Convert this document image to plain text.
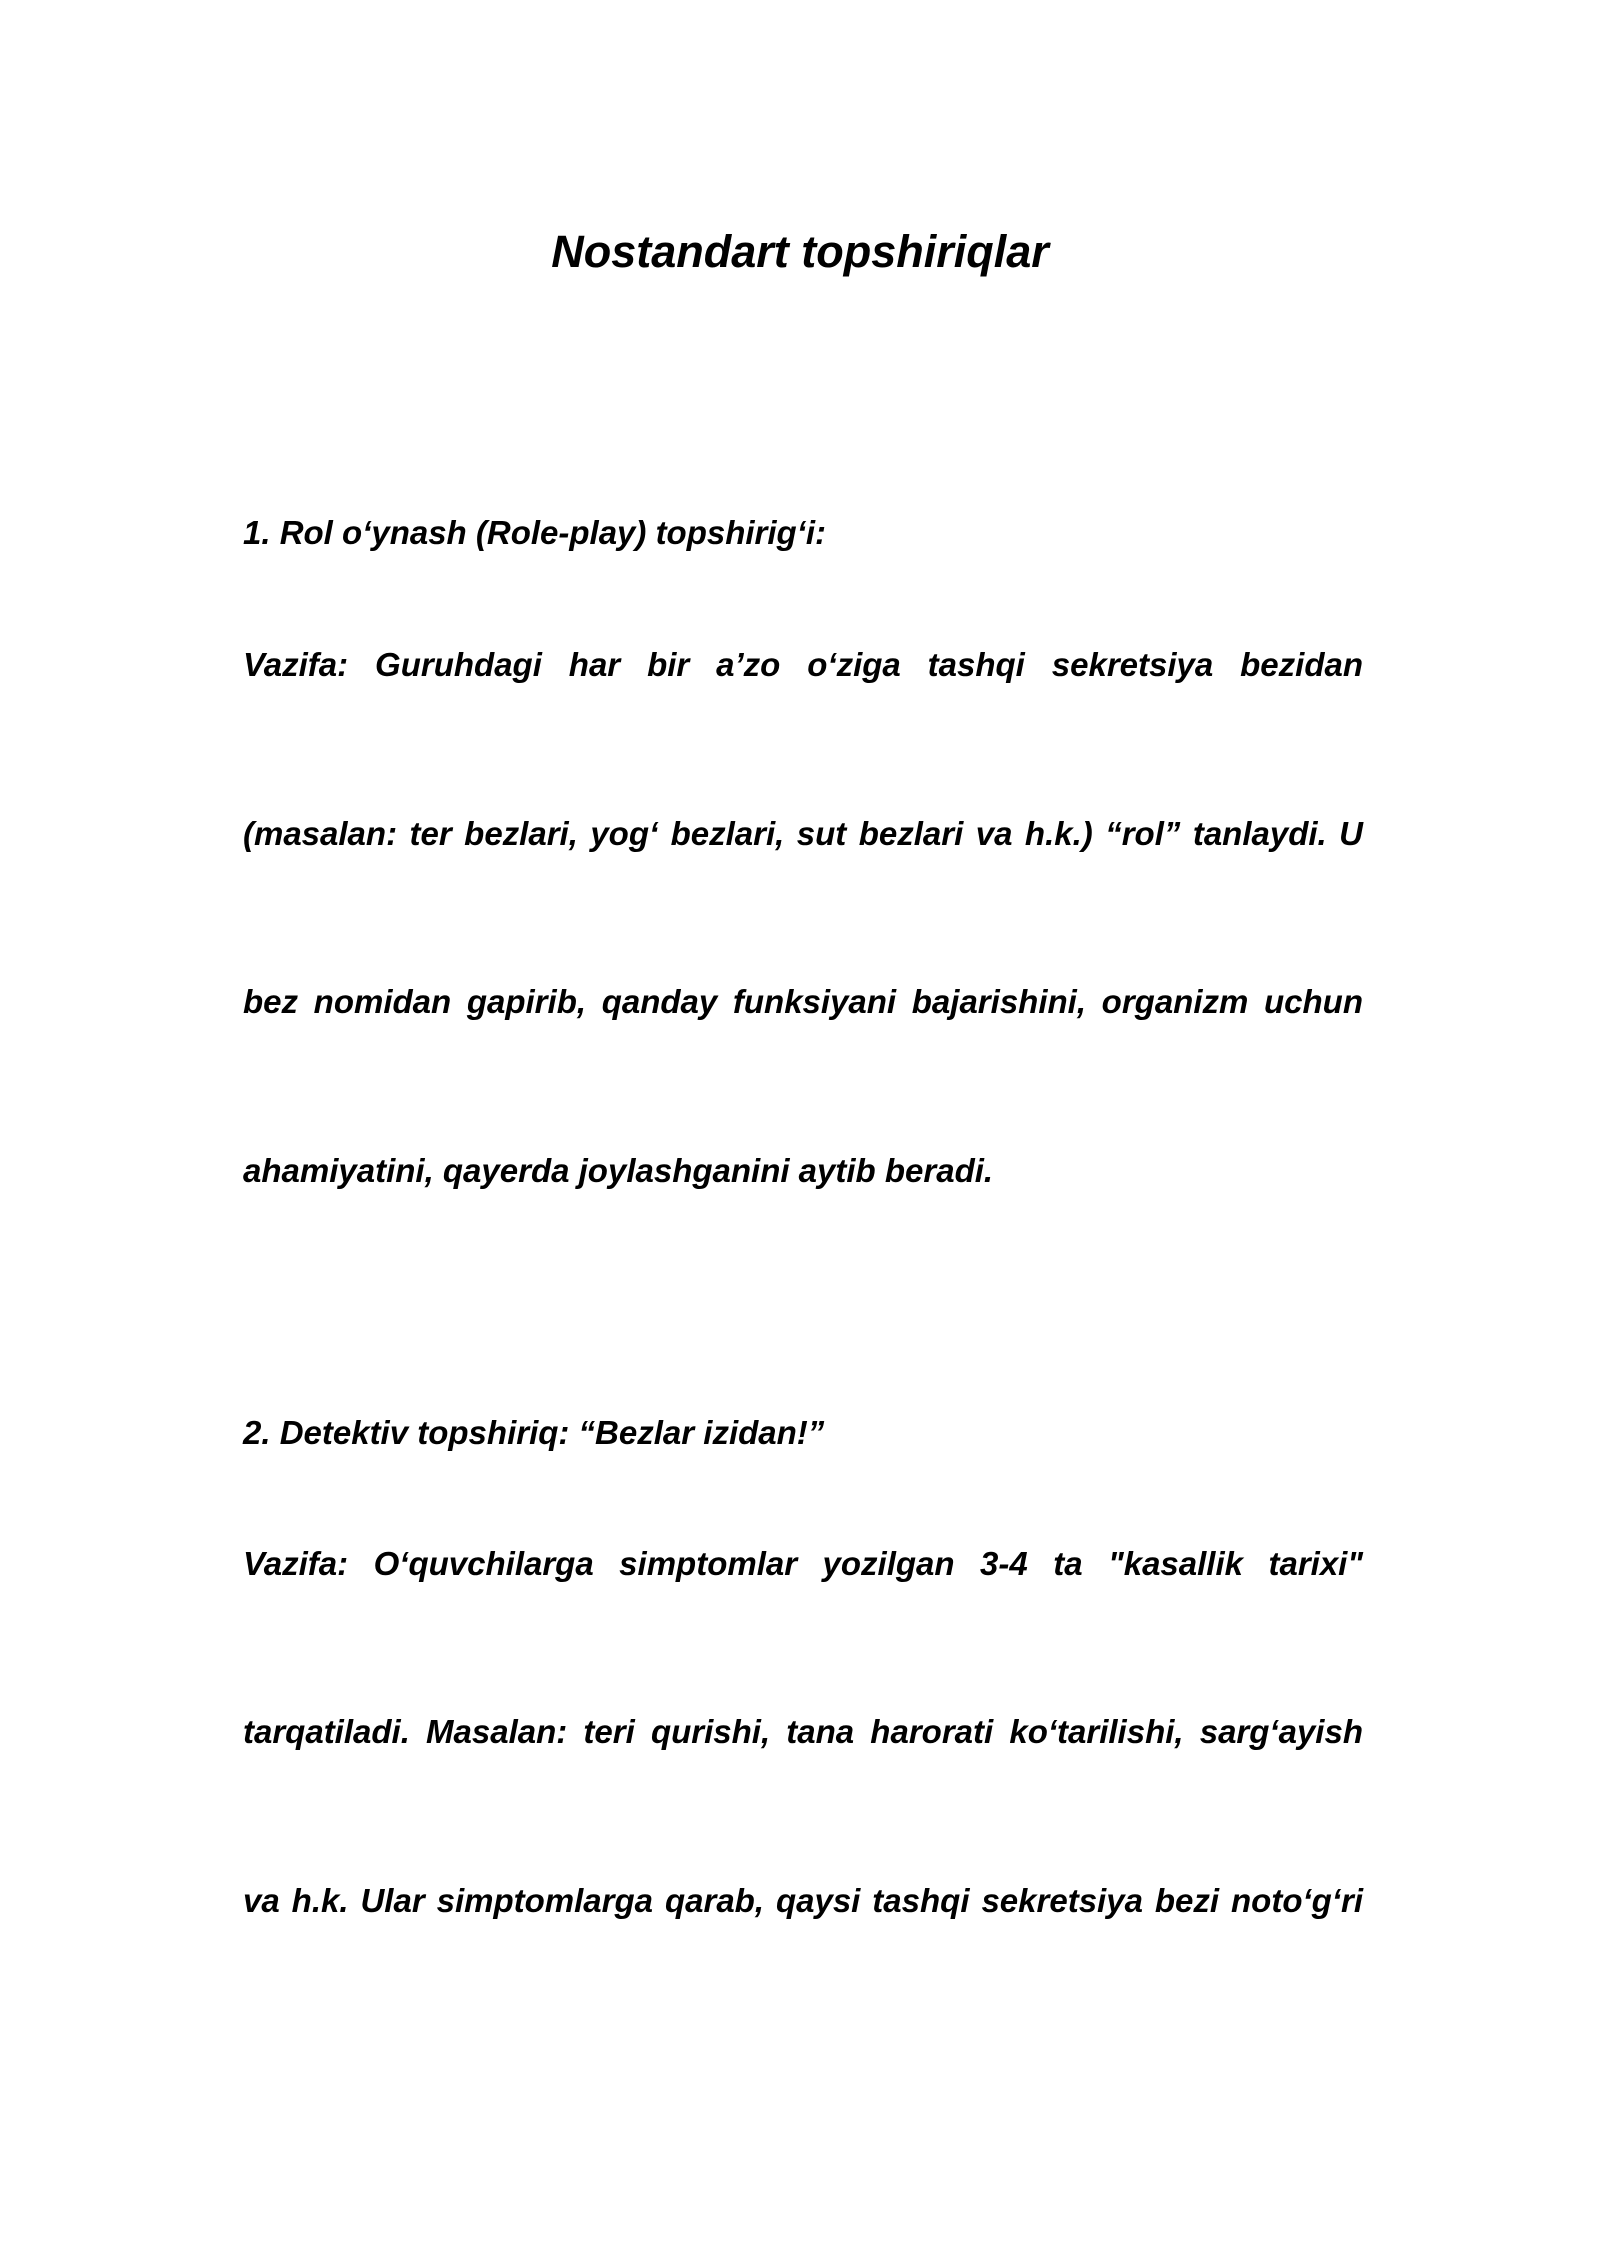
Nostandart topshiriqlar

1. Rol o‘ynash (Role-play) topshirig‘i:

Vazifa: Guruhdagi har bir a’zo o‘ziga tashqi sekretsiya bezidan

(masalan: ter bezlari, yog‘ bezlari, sut bezlari va h.k.) “rol” tanlaydi. U

bez nomidan gapirib, qanday funksiyani bajarishini, organizm uchun

ahamiyatini, qayerda joylashganini aytib beradi.

2. Detektiv topshiriq: “Bezlar izidan!”

Vazifa: O‘quvchilarga simptomlar yozilgan 3-4 ta "kasallik tarixi"

tarqatiladi. Masalan: teri qurishi, tana harorati ko‘tarilishi, sarg‘ayish

va h.k. Ular simptomlarga qarab, qaysi tashqi sekretsiya bezi noto‘g‘ri
